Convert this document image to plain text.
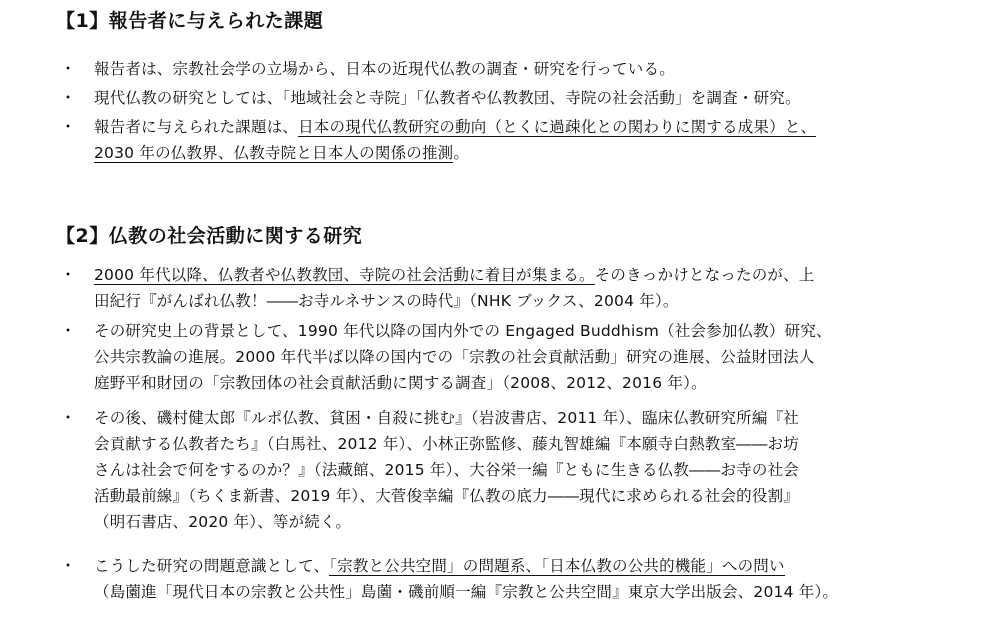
【1】報告者に与えられた課題
・	報告者は、宗教社会学の立場から、日本の近現代仏教の調査・研究を行っている。
・	現代仏教の研究としては、「地域社会と寺院」「仏教者や仏教教団、寺院の社会活動」を調査・研究。
・	報告者に与えられた課題は、日本の現代仏教研究の動向（とくに過疎化との関わりに関する成果）と、
2030 年の仏教界、仏教寺院と日本人の関係の推測。
【2】仏教の社会活動に関する研究
・	2000 年代以降、仏教者や仏教教団、寺院の社会活動に着目が集まる。そのきっかけとなったのが、上
田紀行『がんばれ仏教！――お寺ルネサンスの時代』（NHK ブックス、2004 年）。
・	その研究史上の背景として、1990 年代以降の国内外での Engaged Buddhism（社会参加仏教）研究、
公共宗教論の進展。2000 年代半ば以降の国内での「宗教の社会貢献活動」研究の進展、公益財団法人
庭野平和財団の「宗教団体の社会貢献活動に関する調査」（2008、2012、2016 年）。
・	その後、磯村健太郎『ルポ仏教、貧困・自殺に挑む』（岩波書店、2011 年）、臨床仏教研究所編『社
会貢献する仏教者たち』（白馬社、2012 年）、小林正弥監修、藤丸智雄編『本願寺白熱教室――お坊
さんは社会で何をするのか？』（法藏館、2015 年）、大谷栄一編『ともに生きる仏教――お寺の社会
活動最前線』（ちくま新書、2019 年）、大菅俊幸編『仏教の底力――現代に求められる社会的役割』
（明石書店、2020 年）、等が続く。
・	こうした研究の問題意識として、「宗教と公共空間」の問題系、「日本仏教の公共的機能」への問い
（島薗進「現代日本の宗教と公共性」島薗・磯前順一編『宗教と公共空間』東京大学出版会、2014 年）。
